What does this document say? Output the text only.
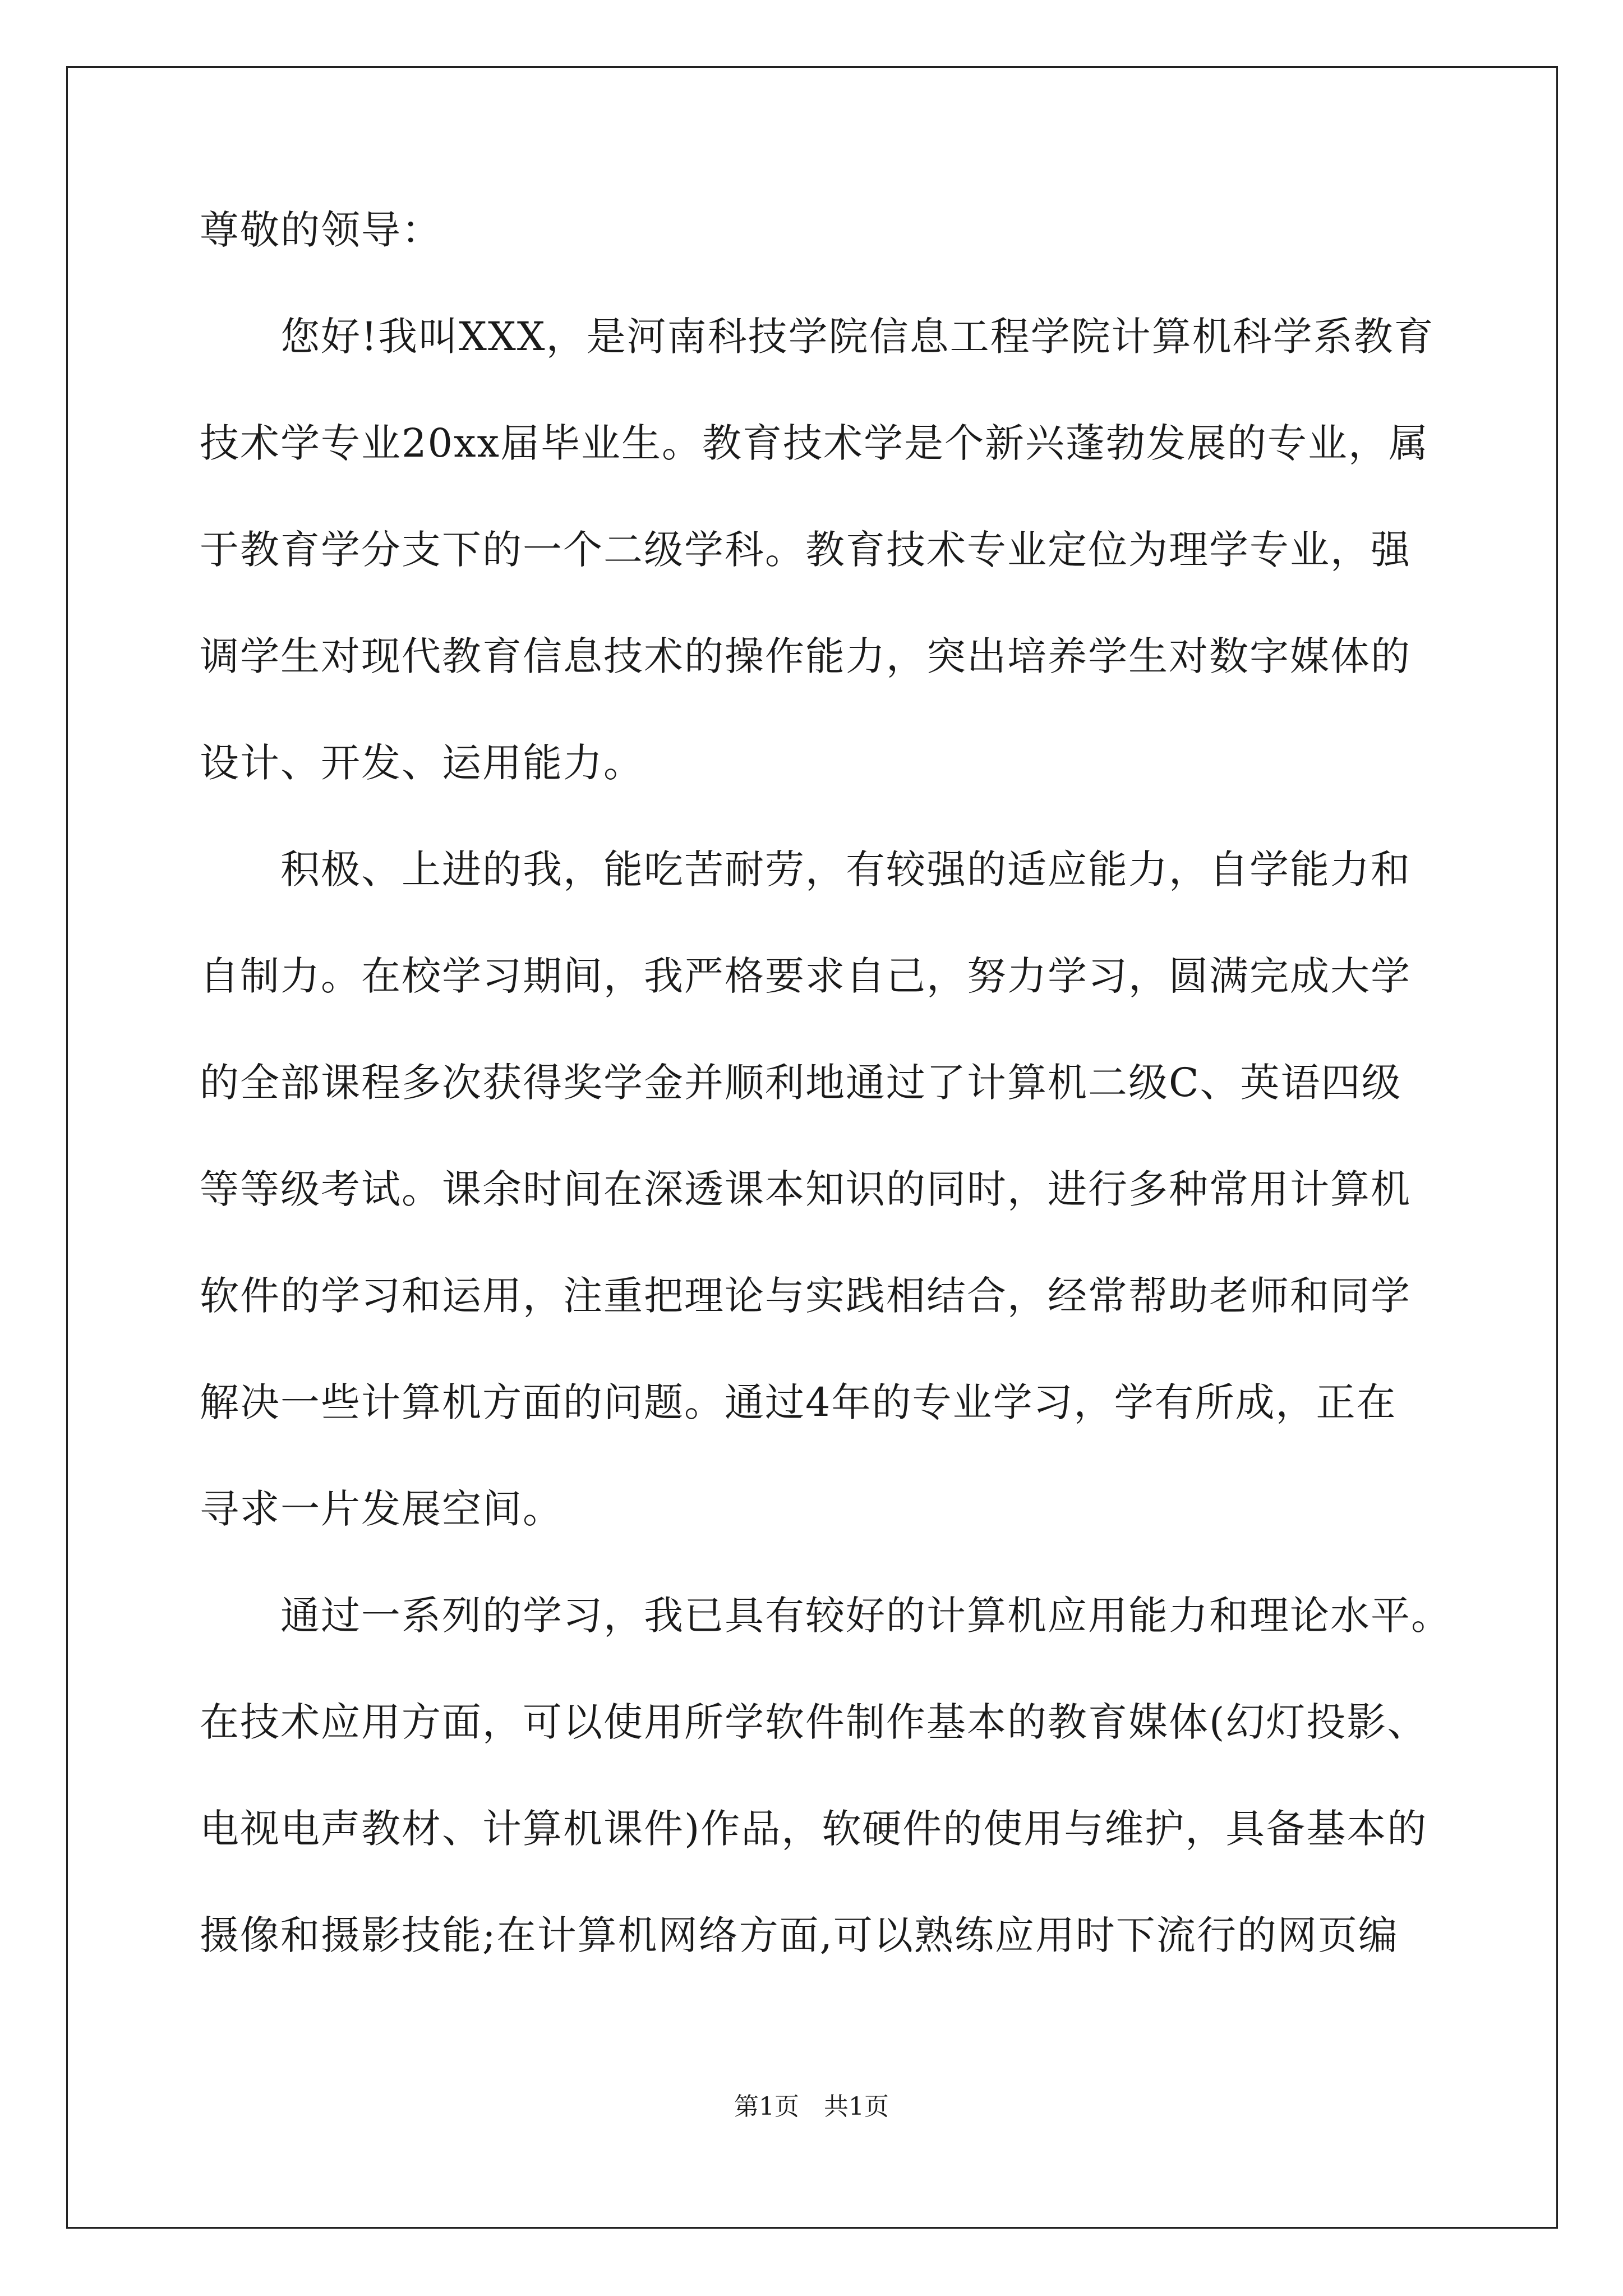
尊敬的领导：
　　您好!我叫XXX，是河南科技学院信息工程学院计算机科学系教育
技术学专业20xx届毕业生。教育技术学是个新兴蓬勃发展的专业，属
于教育学分支下的一个二级学科。教育技术专业定位为理学专业，强
调学生对现代教育信息技术的操作能力，突出培养学生对数字媒体的
设计、开发、运用能力。
　　积极、上进的我，能吃苦耐劳，有较强的适应能力，自学能力和
自制力。在校学习期间，我严格要求自己，努力学习，圆满完成大学
的全部课程多次获得奖学金并顺利地通过了计算机二级C、英语四级
等等级考试。课余时间在深透课本知识的同时，进行多种常用计算机
软件的学习和运用，注重把理论与实践相结合，经常帮助老师和同学
解决一些计算机方面的问题。通过4年的专业学习，学有所成，正在
寻求一片发展空间。
　　通过一系列的学习，我已具有较好的计算机应用能力和理论水平。
在技术应用方面，可以使用所学软件制作基本的教育媒体(幻灯投影、
电视电声教材、计算机课件)作品，软硬件的使用与维护，具备基本的
摄像和摄影技能;在计算机网络方面,可以熟练应用时下流行的网页编
第1页　共1页
